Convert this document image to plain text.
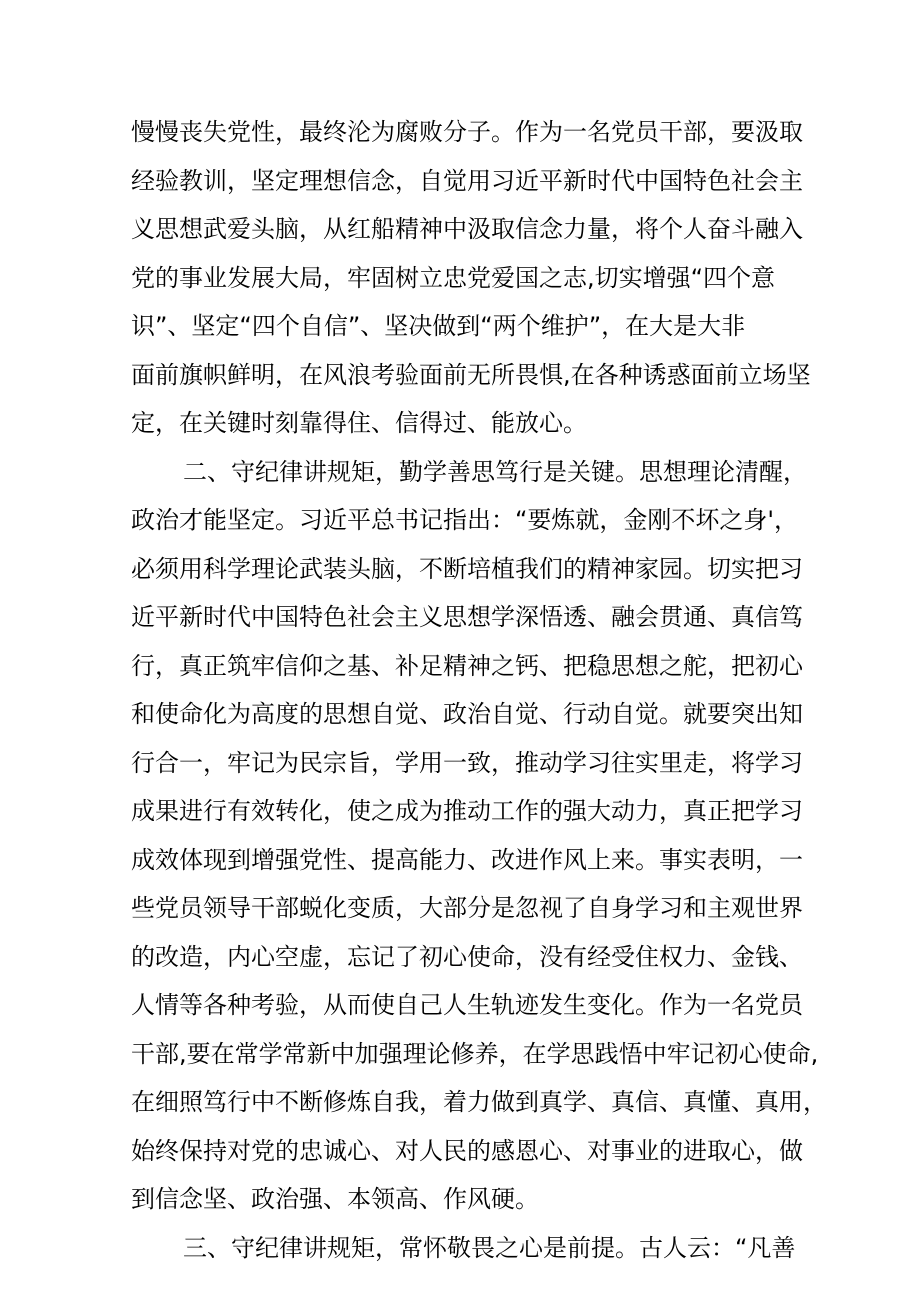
慢慢丧失党性，最终沦为腐败分子。作为一名党员干部，要汲取
经验教训，坚定理想信念，自觉用习近平新时代中国特色社会主
义思想武爱头脑，从红船精神中汲取信念力量，将个人奋斗融入
党的事业发展大局，牢固树立忠党爱国之志,切实增强“四个意
识”、坚定“四个自信”、坚决做到“两个维护”，在大是大非
面前旗帜鲜明，在风浪考验面前无所畏惧,在各种诱惑面前立场坚
定，在关键时刻靠得住、信得过、能放心。
二、守纪律讲规矩，勤学善思笃行是关键。思想理论清醒，
政治才能坚定。习近平总书记指出：“要炼就，金刚不坏之身'，
必须用科学理论武装头脑，不断培植我们的精神家园。切实把习
近平新时代中国特色社会主义思想学深悟透、融会贯通、真信笃
行，真正筑牢信仰之基、补足精神之钙、把稳思想之舵，把初心
和使命化为高度的思想自觉、政治自觉、行动自觉。就要突出知
行合一，牢记为民宗旨，学用一致，推动学习往实里走，将学习
成果进行有效转化，使之成为推动工作的强大动力，真正把学习
成效体现到增强党性、提高能力、改进作风上来。事实表明，一
些党员领导干部蜕化变质，大部分是忽视了自身学习和主观世界
的改造，内心空虚，忘记了初心使命，没有经受住权力、金钱、
人情等各种考验，从而使自己人生轨迹发生变化。作为一名党员
干部,要在常学常新中加强理论修养，在学思践悟中牢记初心使命,
在细照笃行中不断修炼自我，着力做到真学、真信、真懂、真用，
始终保持对党的忠诚心、对人民的感恩心、对事业的进取心，做
到信念坚、政治强、本领高、作风硬。
三、守纪律讲规矩，常怀敬畏之心是前提。古人云：“凡善
